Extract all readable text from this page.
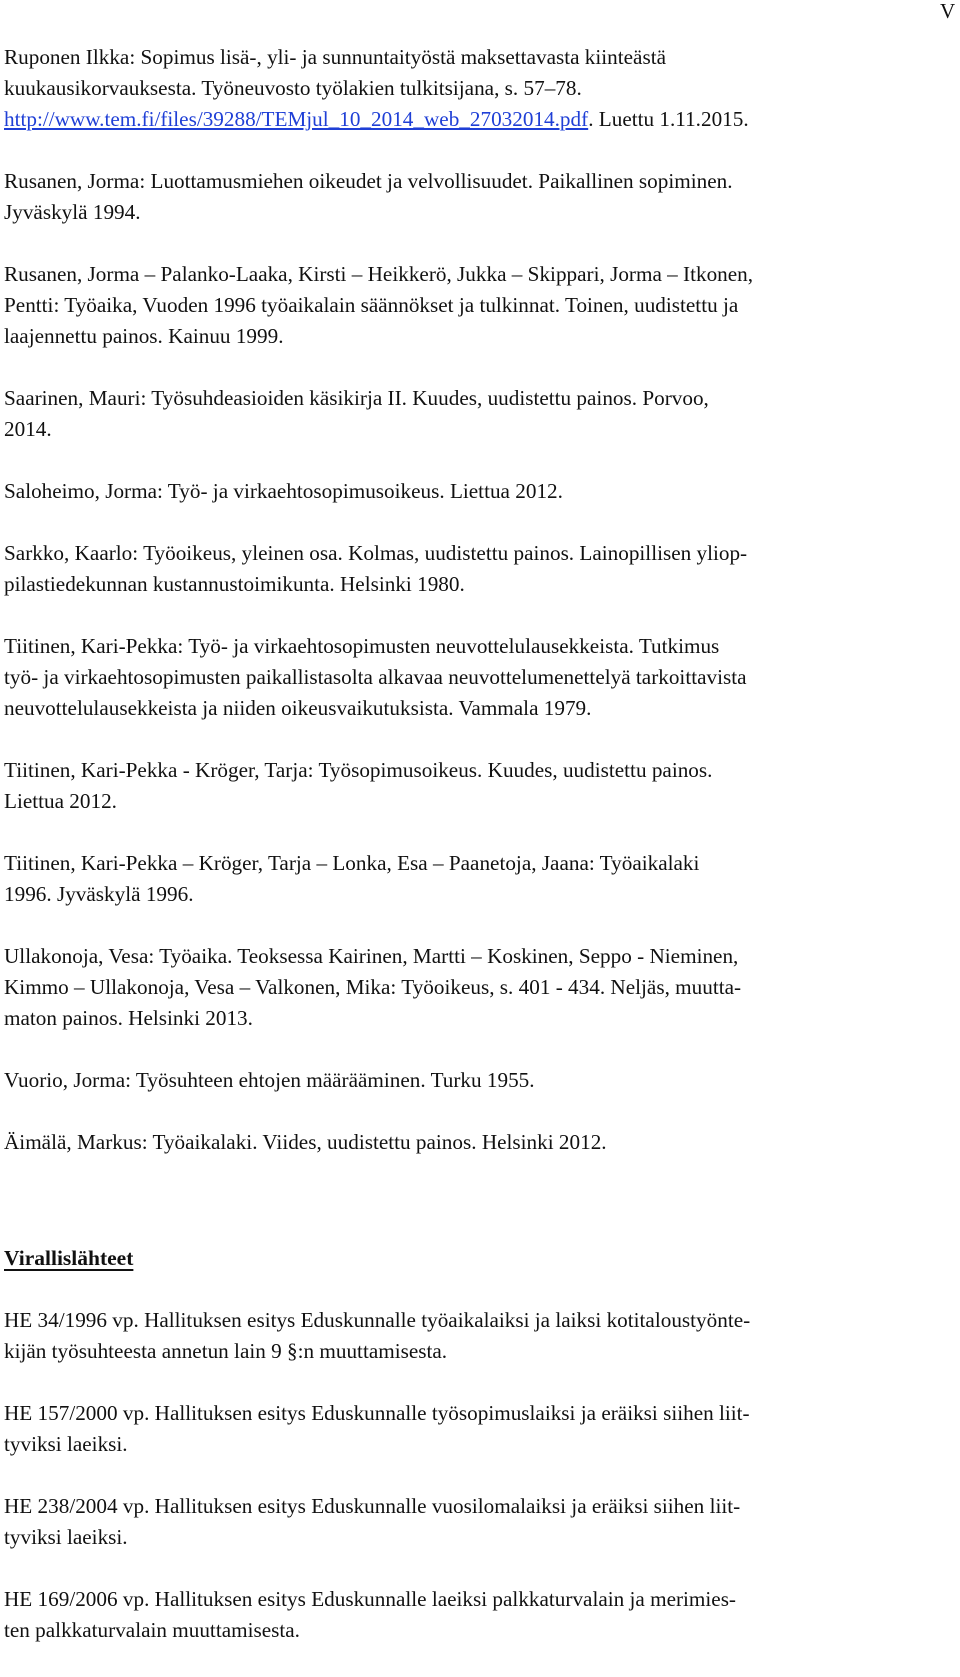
V
Ruponen Ilkka: Sopimus lisä-, yli- ja sunnuntaityöstä maksettavasta kiinteästä
kuukausikorvauksesta. Työneuvosto työlakien tulkitsijana, s. 57–78.
http://www.tem.fi/files/39288/TEMjul_10_2014_web_27032014.pdf. Luettu 1.11.2015.
Rusanen, Jorma: Luottamusmiehen oikeudet ja velvollisuudet. Paikallinen sopiminen.
Jyväskylä 1994.
Rusanen, Jorma – Palanko-Laaka, Kirsti – Heikkerö, Jukka – Skippari, Jorma – Itkonen,
Pentti: Työaika, Vuoden 1996 työaikalain säännökset ja tulkinnat. Toinen, uudistettu ja
laajennettu painos. Kainuu 1999.
Saarinen, Mauri: Työsuhdeasioiden käsikirja II. Kuudes, uudistettu painos. Porvoo,
2014.
Saloheimo, Jorma: Työ- ja virkaehtosopimusoikeus. Liettua 2012.
Sarkko, Kaarlo: Työoikeus, yleinen osa. Kolmas, uudistettu painos. Lainopillisen yliop-
pilastiedekunnan kustannustoimikunta. Helsinki 1980.
Tiitinen, Kari-Pekka: Työ- ja virkaehtosopimusten neuvottelulausekkeista. Tutkimus
työ- ja virkaehtosopimusten paikallistasolta alkavaa neuvottelumenettelyä tarkoittavista
neuvottelulausekkeista ja niiden oikeusvaikutuksista. Vammala 1979.
Tiitinen, Kari-Pekka - Kröger, Tarja: Työsopimusoikeus. Kuudes, uudistettu painos.
Liettua 2012.
Tiitinen, Kari-Pekka – Kröger, Tarja – Lonka, Esa – Paanetoja, Jaana: Työaikalaki
1996. Jyväskylä 1996.
Ullakonoja, Vesa: Työaika. Teoksessa Kairinen, Martti – Koskinen, Seppo - Nieminen,
Kimmo – Ullakonoja, Vesa – Valkonen, Mika: Työoikeus, s. 401 - 434. Neljäs, muutta-
maton painos. Helsinki 2013.
Vuorio, Jorma: Työsuhteen ehtojen määrääminen. Turku 1955.
Äimälä, Markus: Työaikalaki. Viides, uudistettu painos. Helsinki 2012.
Virallislähteet
HE 34/1996 vp. Hallituksen esitys Eduskunnalle työaikalaiksi ja laiksi kotitaloustyönte-
kijän työsuhteesta annetun lain 9 §:n muuttamisesta.
HE 157/2000 vp. Hallituksen esitys Eduskunnalle työsopimuslaiksi ja eräiksi siihen liit-
tyviksi laeiksi.
HE 238/2004 vp. Hallituksen esitys Eduskunnalle vuosilomalaiksi ja eräiksi siihen liit-
tyviksi laeiksi.
HE 169/2006 vp. Hallituksen esitys Eduskunnalle laeiksi palkkaturvalain ja merimies-
ten palkkaturvalain muuttamisesta.
